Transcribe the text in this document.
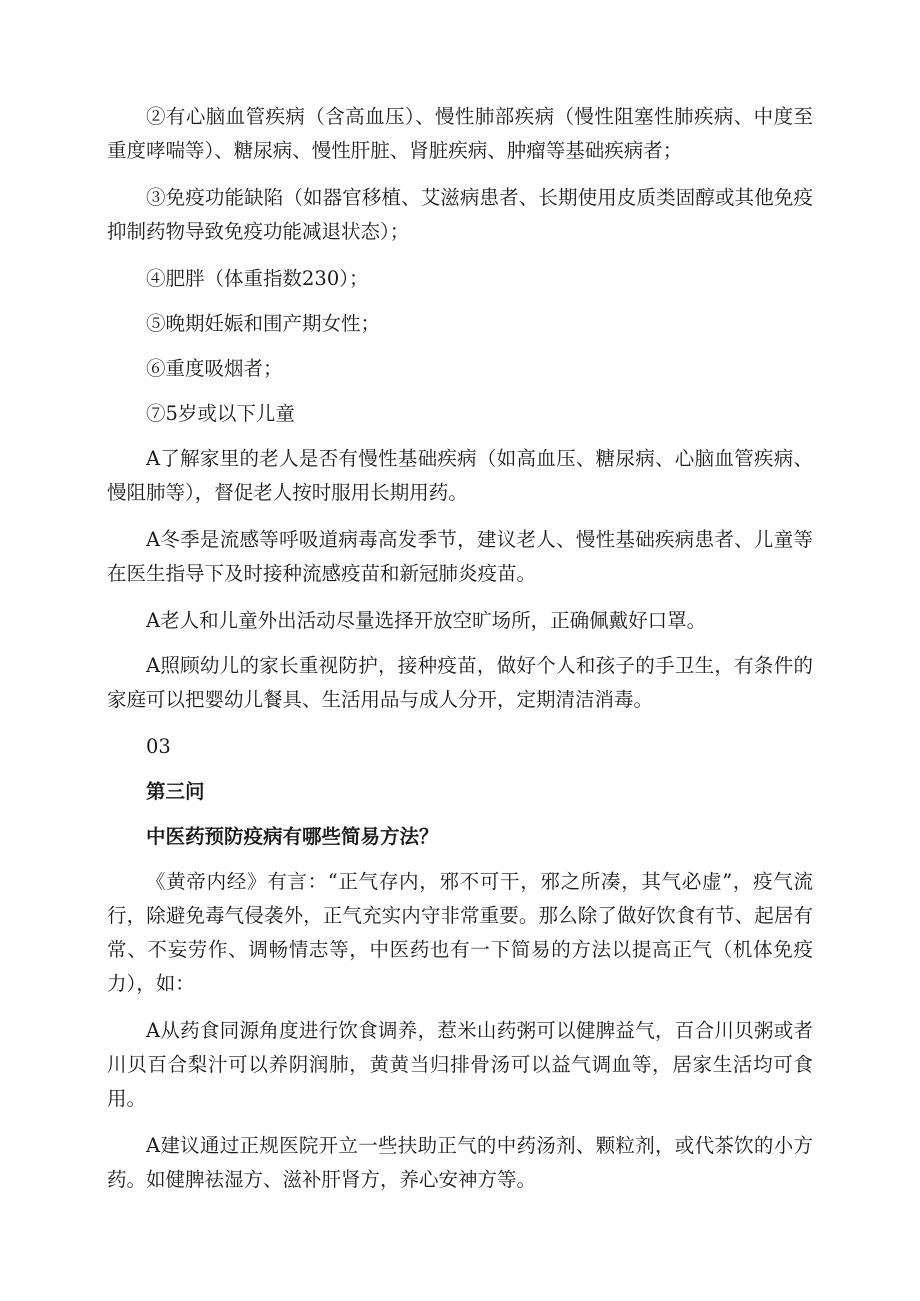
②有心脑血管疾病（含高血压）、慢性肺部疾病（慢性阻塞性肺疾病、中度至重度哮喘等）、糖尿病、慢性肝脏、肾脏疾病、肿瘤等基础疾病者；

③免疫功能缺陷（如器官移植、艾滋病患者、长期使用皮质类固醇或其他免疫抑制药物导致免疫功能减退状态）；

④肥胖（体重指数230）；

⑤晚期妊娠和围产期女性；

⑥重度吸烟者；

⑦5岁或以下儿童

A了解家里的老人是否有慢性基础疾病（如高血压、糖尿病、心脑血管疾病、慢阻肺等），督促老人按时服用长期用药。

A冬季是流感等呼吸道病毒高发季节，建议老人、慢性基础疾病患者、儿童等在医生指导下及时接种流感疫苗和新冠肺炎疫苗。

A老人和儿童外出活动尽量选择开放空旷场所，正确佩戴好口罩。

A照顾幼儿的家长重视防护，接种疫苗，做好个人和孩子的手卫生，有条件的家庭可以把婴幼儿餐具、生活用品与成人分开，定期清洁消毒。

03

第三问

中医药预防疫病有哪些简易方法？

《黄帝内经》有言：“正气存内，邪不可干，邪之所凑，其气必虚”，疫气流行，除避免毒气侵袭外，正气充实内守非常重要。那么除了做好饮食有节、起居有常、不妄劳作、调畅情志等，中医药也有一下简易的方法以提高正气（机体免疫力），如：

A从药食同源角度进行饮食调养，惹米山药粥可以健脾益气，百合川贝粥或者川贝百合梨汁可以养阴润肺，黄黄当归排骨汤可以益气调血等，居家生活均可食用。

A建议通过正规医院开立一些扶助正气的中药汤剂、颗粒剂，或代茶饮的小方药。如健脾祛湿方、滋补肝肾方，养心安神方等。
